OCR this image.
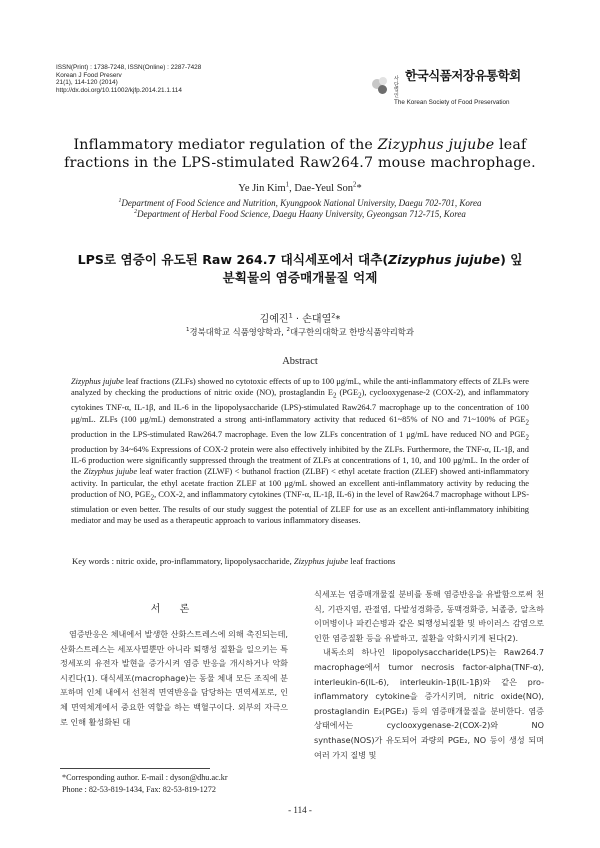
ISSN(Print) : 1738-7248, ISSN(Online) : 2287-7428
Korean J Food Preserv
21(1), 114-120 (2014)
http://dx.doi.org/10.11002/kjfp.2014.21.1.114
사단
법인
한국식품저장유통학회
The Korean Society of Food Preservation
Inflammatory mediator regulation of the Zizyphus jujube leaf fractions in the LPS-stimulated Raw264.7 mouse machrophage.
Ye Jin Kim$^1$, Dae-Yeul Son$^2$*
$^1$Department of Food Science and Nutrition, Kyungpook National University, Daegu 702-701, Korea
$^2$Department of Herbal Food Science, Daegu Haany University, Gyeongsan 712-715, Korea
LPS로 염증이 유도된 Raw 264.7 대식세포에서 대추(Zizyphus jujube) 잎
분획물의 염증매개물질 억제
김예진$^1$ · 손대열$^2$*
$^1$경북대학교 식품영양학과, $^2$대구한의대학교 한방식품약리학과
Abstract
Zizyphus jujube leaf fractions (ZLFs) showed no cytotoxic effects of up to 100 μg/mL, while the anti-inflammatory effects of ZLFs were analyzed by checking the productions of nitric oxide (NO), prostaglandin $E_2$ $(PGE_2)$, cyclooxygenase-2 (COX-2), and inflammatory cytokines TNF-α, IL-1β, and IL-6 in the lipopolysaccharide (LPS)-stimulated Raw264.7 macrophage up to the concentration of 100 μg/mL. ZLFs (100 μg/mL) demonstrated a strong anti-inflammatory activity that reduced 61~85% of NO and 71~100% of $PGE_2$ production in the LPS-stimulated Raw264.7 macrophage. Even the low ZLFs concentration of 1 μg/mL have reduced NO and $PGE_2$ production by 34~64% Expressions of COX-2 protein were also effectively inhibited by the ZLFs. Furthermore, the TNF-α, IL-1β, and IL-6 production were significantly suppressed through the treatment of ZLFs at concentrations of 1, 10, and 100 μg/mL. In the order of the Zizyphus jujube leaf water fraction (ZLWF) < buthanol fraction (ZLBF) < ethyl acetate fraction (ZLEF) showed anti-inflammatory activity. In particular, the ethyl acetate fraction ZLEF at 100 μg/mL showed an excellent anti-inflammatory activity by reducing the production of NO, $PGE_2$, COX-2, and inflammatory cytokines (TNF-α, IL-1β, IL-6) in the level of Raw264.7 macrophage without LPS-stimulation or even better. The results of our study suggest the potential of ZLEF for use as an excellent anti-inflammatory inhibiting mediator and may be used as a therapeutic approach to various inflammatory diseases.
Key words : nitric oxide, pro-inflammatory, lipopolysaccharide, Zizyphus jujube leaf fractions
서 론

염증반응은 체내에서 발생한 산화스트레스에 의해 촉진되는데, 산화스트레스는 세포사멸뿐만 아니라 퇴행성 질환을 일으키는 특정세포의 유전자 발현을 증가시켜 염증 반응을 개시하거나 악화시킨다(1). 대식세포(macrophage)는 동물 체내 모든 조직에 분포하며 인체 내에서 선천적 면역반응을 담당하는 면역세포로, 인체 면역체계에서 중요한 역할을 하는 백혈구이다. 외부의 자극으로 인해 활성화된 대

식세포는 염증매개물질 분비를 통해 염증반응을 유발함으로써 천식, 기관지염, 관절염, 다발성경화증, 동맥경화증, 뇌졸중, 알츠하이머병이나 파킨슨병과 같은 퇴행성뇌질환 및 바이러스 감염으로 인한 염증질환 등을 유발하고, 질환을 악화시키게 된다(2).

내독소의 하나인 lipopolysaccharide(LPS)는 Raw264.7 macrophage에서 tumor necrosis factor-alpha(TNF-α), interleukin-6(IL-6), interleukin-1β(IL-1β)와 같은 pro-inflammatory cytokine을 증가시키며, nitric oxide(NO), prostaglandin E₂(PGE₂) 등의 염증매개물질을 분비한다. 염증상태에서는 cyclooxygenase-2(COX-2)와 NO synthase(NOS)가 유도되어 과량의 PGE₂, NO 등이 생성 되며 여러 가지 질병 및

*Corresponding author. E-mail : dyson@dhu.ac.kr
Phone : 82-53-819-1434, Fax: 82-53-819-1272
- 114 -
